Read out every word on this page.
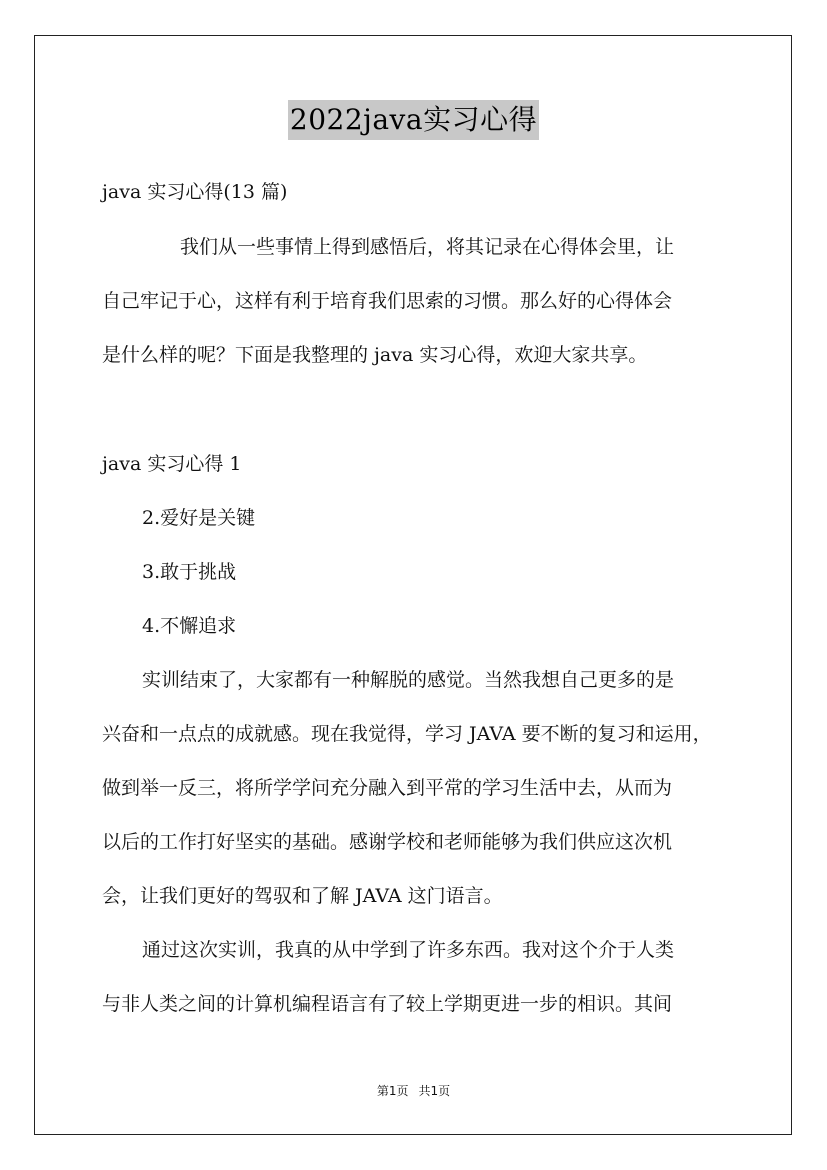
2022java实习心得
java 实习心得(13 篇)
我们从一些事情上得到感悟后，将其记录在心得体会里，让
自己牢记于心，这样有利于培育我们思索的习惯。那么好的心得体会
是什么样的呢？下面是我整理的 java 实习心得，欢迎大家共享。
java 实习心得 1
2.爱好是关键
3.敢于挑战
4.不懈追求
实训结束了，大家都有一种解脱的感觉。当然我想自己更多的是
兴奋和一点点的成就感。现在我觉得，学习 JAVA 要不断的复习和运用，
做到举一反三，将所学学问充分融入到平常的学习生活中去，从而为
以后的工作打好坚实的基础。感谢学校和老师能够为我们供应这次机
会，让我们更好的驾驭和了解 JAVA 这门语言。
通过这次实训，我真的从中学到了许多东西。我对这个介于人类
与非人类之间的计算机编程语言有了较上学期更进一步的相识。其间
第1页 共1页
